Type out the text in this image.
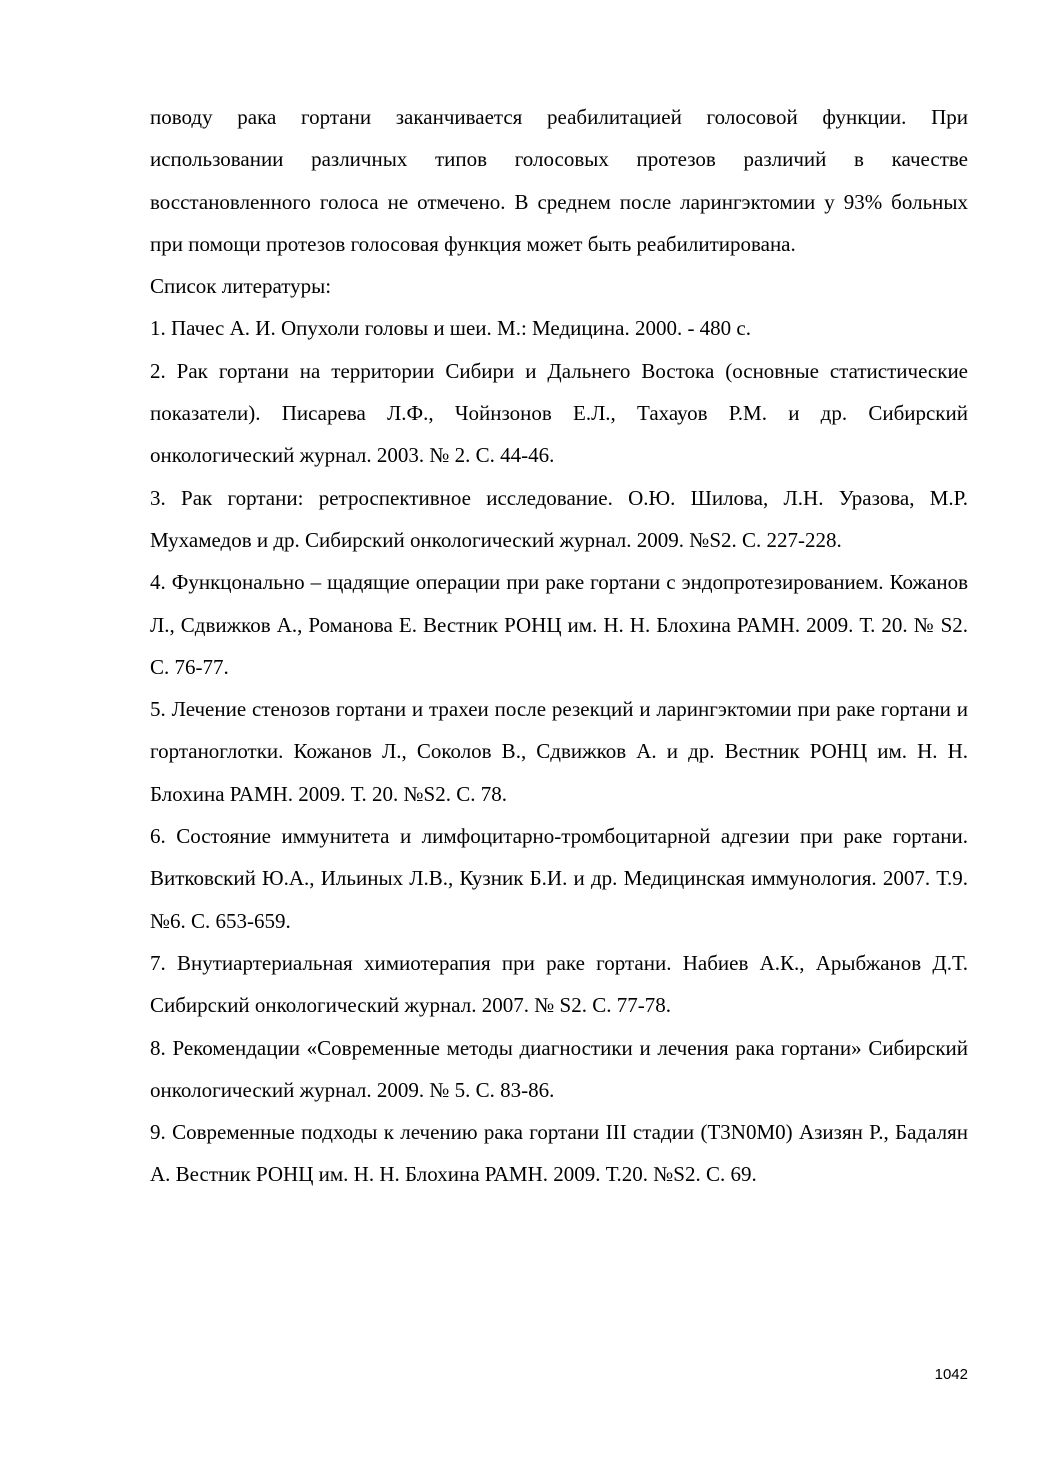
поводу рака гортани заканчивается реабилитацией голосовой функции. При использовании различных типов голосовых протезов различий в качестве восстановленного голоса не отмечено. В среднем после ларингэктомии у 93% больных при помощи протезов голосовая функция может быть реабилитирована.

Список литературы:

1. Пачес А. И. Опухоли головы и шеи. М.: Медицина. 2000. - 480 с.

2. Рак гортани на территории Сибири и Дальнего Востока (основные статистические показатели). Писарева Л.Ф., Чойнзонов Е.Л., Тахауов Р.М. и др. Сибирский онкологический журнал. 2003. № 2. С. 44-46.

3. Рак гортани: ретроспективное исследование. О.Ю. Шилова, Л.Н. Уразова, М.Р. Мухамедов и др. Сибирский онкологический журнал. 2009. №S2. С. 227-228.

4. Функцонально – щадящие операции при раке гортани с эндопротезированием. Кожанов Л., Сдвижков А., Романова Е. Вестник РОНЦ им. Н. Н. Блохина РАМН. 2009. Т. 20. № S2. С. 76-77.

5. Лечение стенозов гортани и трахеи после резекций и ларингэктомии при раке гортани и гортаноглотки. Кожанов Л., Соколов В., Сдвижков А. и др. Вестник РОНЦ им. Н. Н. Блохина РАМН. 2009. Т. 20. №S2. С. 78.

6. Состояние иммунитета и лимфоцитарно-тромбоцитарной адгезии при раке гортани. Витковский Ю.А., Ильиных Л.В., Кузник Б.И. и др. Медицинская иммунология. 2007. Т.9. №6. С. 653-659.

7. Внутиартериальная химиотерапия при раке гортани. Набиев А.К., Арыбжанов Д.Т. Сибирский онкологический журнал. 2007. № S2. С. 77-78.

8. Рекомендации «Современные методы диагностики и лечения рака гортани» Сибирский онкологический журнал. 2009. № 5. С. 83-86.

9. Современные подходы к лечению рака гортани III стадии (T3N0M0) Азизян Р., Бадалян А. Вестник РОНЦ им. Н. Н. Блохина РАМН. 2009. Т.20. №S2. С. 69.

1042
